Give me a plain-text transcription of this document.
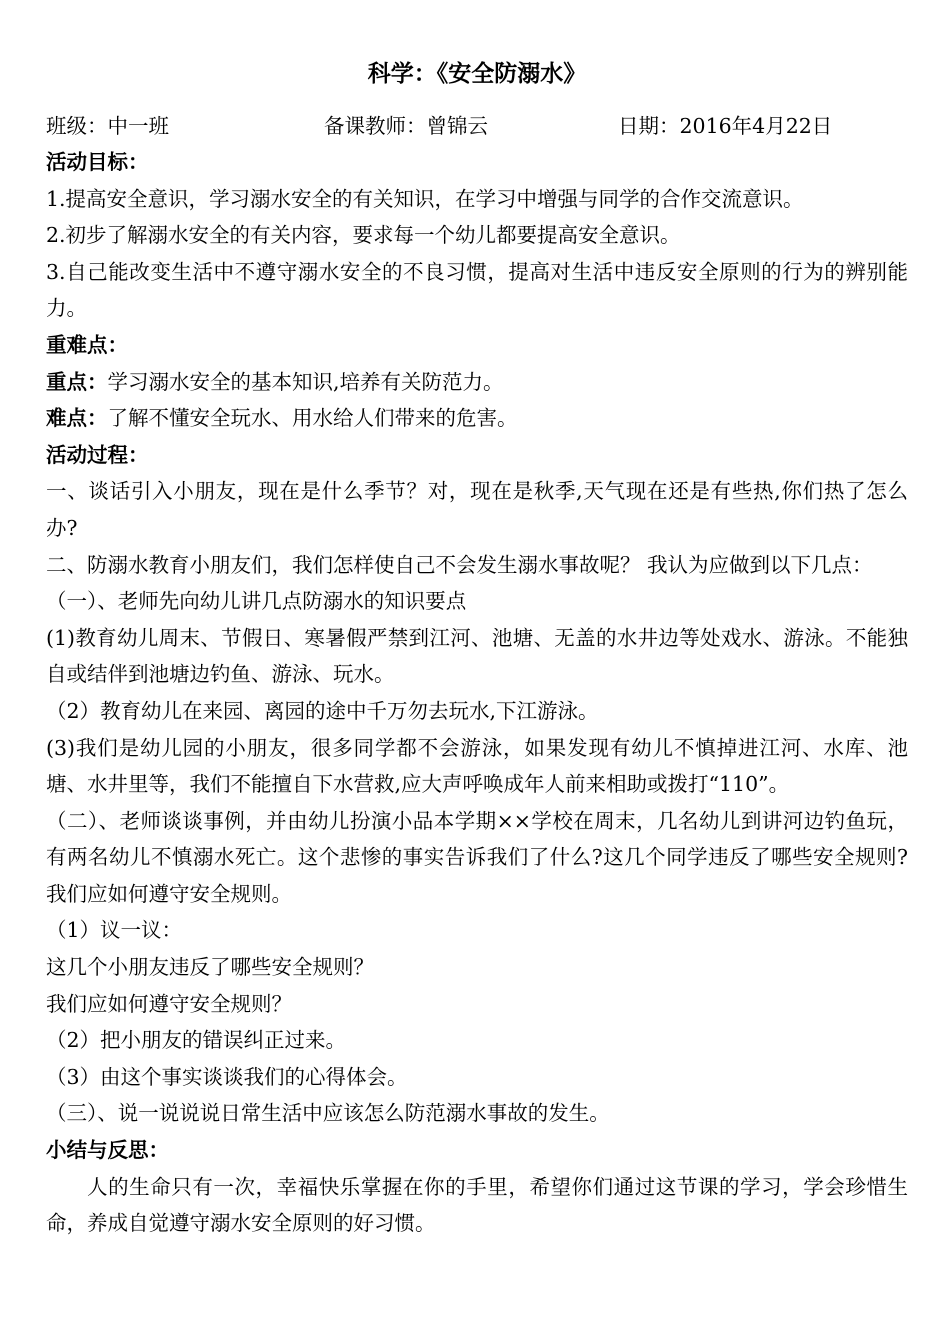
科学：《安全防溺水》
班级：中一班	备课教师：曾锦云	日期：2016年4月22日
活动目标：
1.提高安全意识，学习溺水安全的有关知识，在学习中增强与同学的合作交流意识。
2.初步了解溺水安全的有关内容，要求每一个幼儿都要提高安全意识。
3.自己能改变生活中不遵守溺水安全的不良习惯，提高对生活中违反安全原则的行为的辨别能力。
重难点：
重点：学习溺水安全的基本知识,培养有关防范力。
难点：了解不懂安全玩水、用水给人们带来的危害。
活动过程：
一、谈话引入小朋友，现在是什么季节？对，现在是秋季,天气现在还是有些热,你们热了怎么办?
二、防溺水教育小朋友们，我们怎样使自己不会发生溺水事故呢？ 我认为应做到以下几点：
（一）、老师先向幼儿讲几点防溺水的知识要点
(1)教育幼儿周末、节假日、寒暑假严禁到江河、池塘、无盖的水井边等处戏水、游泳。不能独自或结伴到池塘边钓鱼、游泳、玩水。
（2）教育幼儿在来园、离园的途中千万勿去玩水,下江游泳。
(3)我们是幼儿园的小朋友，很多同学都不会游泳，如果发现有幼儿不慎掉进江河、水库、池塘、水井里等，我们不能擅自下水营救,应大声呼唤成年人前来相助或拨打“110”。
（二）、老师谈谈事例，并由幼儿扮演小品本学期××学校在周末，几名幼儿到讲河边钓鱼玩，有两名幼儿不慎溺水死亡。这个悲惨的事实告诉我们了什么?这几个同学违反了哪些安全规则?我们应如何遵守安全规则。
（1）议一议：
这几个小朋友违反了哪些安全规则？
我们应如何遵守安全规则？
（2）把小朋友的错误纠正过来。
（3）由这个事实谈谈我们的心得体会。
（三）、说一说说说日常生活中应该怎么防范溺水事故的发生。
小结与反思：
人的生命只有一次，幸福快乐掌握在你的手里，希望你们通过这节课的学习，学会珍惜生命，养成自觉遵守溺水安全原则的好习惯。
